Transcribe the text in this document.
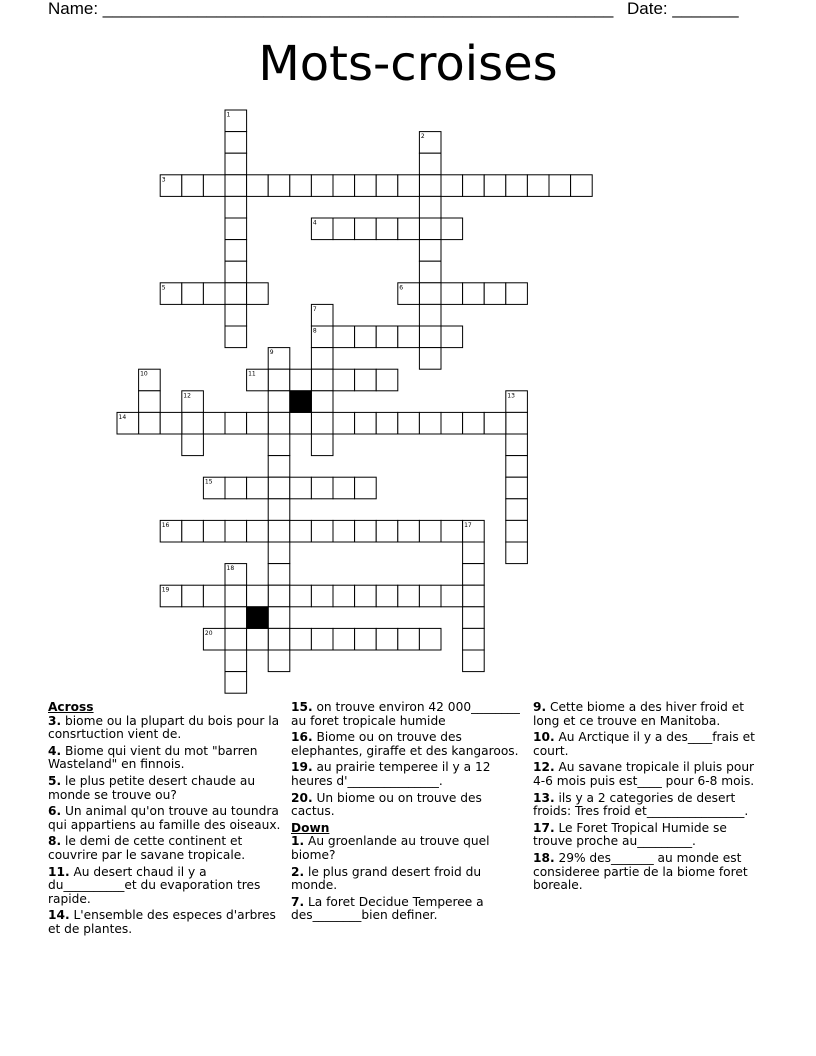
Name: ______________________________________________________

Date: _______

Mots-croises
1
2
3
4
5	6
7
8
9
10	11
12	13
14
15
16	17
18
19
20
Across
3. biome ou la plupart du bois pour la consrtuction vient de.
4. Biome qui vient du mot "barren Wasteland" en finnois.
5. le plus petite desert chaude au monde se trouve ou?
6. Un animal qu'on trouve au toundra qui appartiens au famille des oiseaux.
8. le demi de cette continent et couvrire par le savane tropicale.
11. Au desert chaud il y a du__________et du evaporation tres rapide.
14. L'ensemble des especes d'arbres et de plantes.
15. on trouve environ 42 000________ au foret tropicale humide
16. Biome ou on trouve des elephantes, giraffe et des kangaroos.
19. au prairie temperee il y a 12 heures d'_______________.
20. Un biome ou on trouve des cactus.
Down
1. Au groenlande au trouve quel biome?
2. le plus grand desert froid du monde.
7. La foret Decidue Temperee a des________bien definer.
9. Cette biome a des hiver froid et long et ce trouve en Manitoba.
10. Au Arctique il y a des____frais et court.
12. Au savane tropicale il pluis pour 4-6 mois puis est____ pour 6-8 mois.
13. ils y a 2 categories de desert froids: Tres froid et________________.
17. Le Foret Tropical Humide se trouve proche au_________.
18. 29% des_______ au monde est consideree partie de la biome foret boreale.
